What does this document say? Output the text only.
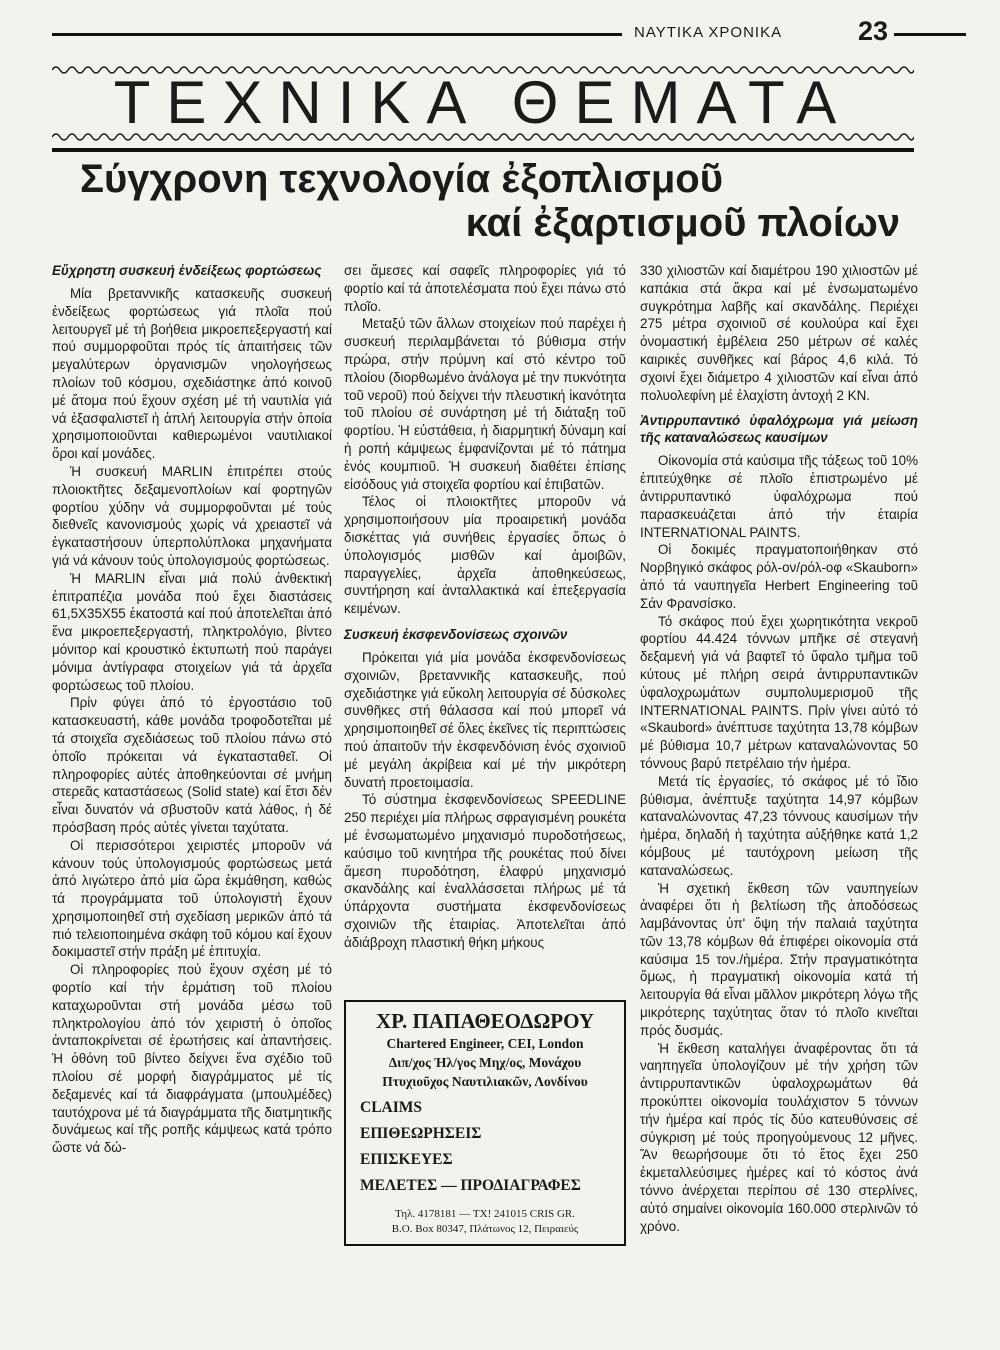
ΝΑΥΤΙΚΑ ΧΡΟΝΙΚΑ	23
ΤΕΧΝΙΚΑ ΘΕΜΑΤΑ
Σύγχρονη τεχνολογία ἐξοπλισμοῦ
καί ἐξαρτισμοῦ πλοίων

Εὔχρηστη συσκευή ἐνδείξεως φορτώσεως

Μία βρεταννικῆς κατασκευῆς συσκευή ἐνδείξεως φορτώσεως γιά πλοῖα πού λειτουργεῖ μέ τή βοήθεια μικροεπεξεργαστή καί πού συμμορφοῦται πρός τίς ἀπαιτήσεις τῶν μεγαλύτερων ὀργανισμῶν νηολογήσεως πλοίων τοῦ κόσμου, σχεδιάστηκε ἀπό κοινοῦ μέ ἄτομα πού ἔχουν σχέση μέ τή ναυτιλία γιά νά ἐξασφαλιστεῖ ἡ ἁπλή λειτουργία στήν ὁποία χρησιμοποιοῦνται καθιερωμένοι ναυτιλιακοί ὅροι καί μονάδες.

Ἡ συσκευή MARLIN ἐπιτρέπει στούς πλοιοκτῆτες δεξαμενοπλοίων καί φορτηγῶν φορτίου χύδην νά συμμορφοῦνται μέ τούς διεθνεῖς κανονισμούς χωρίς νά χρειαστεῖ νά ἐγκαταστήσουν ὑπερπολύπλοκα μηχανήματα γιά νά κάνουν τούς ὑπολογισμούς φορτώσεως.

Ἡ MARLIN εἶναι μιά πολύ ἀνθεκτική ἐπιτραπέζια μονάδα πού ἔχει διαστάσεις 61,5Χ35Χ55 ἑκατοστά καί πού ἀποτελεῖται ἀπό ἕνα μικροεπεξεργαστή, πληκτρολόγιο, βίντεο μόνιτορ καί κρουστικό ἐκτυπωτή πού παράγει μόνιμα ἀντίγραφα στοιχείων γιά τά ἀρχεῖα φορτώσεως τοῦ πλοίου.

Πρίν φύγει ἀπό τό ἐργοστάσιο τοῦ κατασκευαστή, κάθε μονάδα τροφοδοτεῖται μέ τά στοιχεῖα σχεδιάσεως τοῦ πλοίου πάνω στό ὁποῖο πρόκειται νά ἐγκατασταθεῖ. Οἱ πληροφορίες αὐτές ἀποθηκεύονται σέ μνήμη στερεᾶς καταστάσεως (Solid state) καί ἔτσι δέν εἶναι δυνατόν νά σβυστοῦν κατά λάθος, ἡ δέ πρόσβαση πρός αὐτές γίνεται ταχύτατα.

Οἱ περισσότεροι χειριστές μποροῦν νά κάνουν τούς ὑπολογισμούς φορτώσεως μετά ἀπό λιγώτερο ἀπό μία ὥρα ἐκμάθηση, καθώς τά προγράμματα τοῦ ὑπολογιστή ἔχουν χρησιμοποιηθεῖ στή σχεδίαση μερικῶν ἀπό τά πιό τελειοποιημένα σκάφη τοῦ κόμου καί ἔχουν δοκιμαστεῖ στήν πράξη μέ ἐπιτυχία.

Οἱ πληροφορίες πού ἔχουν σχέση μέ τό φορτίο καί τήν ἑρμάτιση τοῦ πλοίου καταχωροῦνται στή μονάδα μέσω τοῦ πληκτρολογίου ἀπό τόν χειριστή ὁ ὁποῖος ἀνταποκρίνεται σέ ἐρωτήσεις καί ἀπαντήσεις. Ἡ ὀθόνη τοῦ βίντεο δείχνει ἕνα σχέδιο τοῦ πλοίου σέ μορφή διαγράμματος μέ τίς δεξαμενές καί τά διαφράγματα (μπουλμέδες) ταυτόχρονα μέ τά διαγράμματα τῆς διατμητικῆς δυνάμεως καί τῆς ροπῆς κάμψεως κατά τρόπο ὥστε νά δώ-

σει ἄμεσες καί σαφεῖς πληροφορίες γιά τό φορτίο καί τά ἀποτελέσματα πού ἔχει πάνω στό πλοῖο.

Μεταξύ τῶν ἄλλων στοιχείων πού παρέχει ἡ συσκευή περιλαμβάνεται τό βύθισμα στήν πρώρα, στήν πρύμνη καί στό κέντρο τοῦ πλοίου (διορθωμένο ἀνάλογα μέ την πυκνότητα τοῦ νεροῦ) πού δείχνει τήν πλευστική ἱκανότητα τοῦ πλοίου σέ συνάρτηση μέ τή διάταξη τοῦ φορτίου. Ἡ εὐστάθεια, ἡ διαρμητική δύναμη καί ἡ ροπή κάμψεως ἐμφανίζονται μέ τό πάτημα ἑνός κουμπιοῦ. Ἡ συσκευή διαθέτει ἐπίσης εἰσόδους γιά στοιχεῖα φορτίου καί ἐπιβατῶν.

Τέλος οἱ πλοιοκτῆτες μποροῦν νά χρησιμοποιήσουν μία προαιρετική μονάδα δισκέττας γιά συνήθεις ἐργασίες ὅπως ὁ ὑπολογισμός μισθῶν καί ἀμοιβῶν, παραγγελίες, ἀρχεῖα ἀποθηκεύσεως, συντήρηση καί ἀνταλλακτικά καί ἐπεξεργασία κειμένων.

Συσκευή ἐκσφενδονίσεως σχοινῶν

Πρόκειται γιά μία μονάδα ἐκσφενδονίσεως σχοινιῶν, βρεταννικῆς κατασκευῆς, πού σχεδιάστηκε γιά εὔκολη λειτουργία σέ δύσκολες συνθῆκες στή θάλασσα καί πού μπορεῖ νά χρησιμοποιηθεῖ σέ ὅλες ἐκεῖνες τίς περιπτώσεις πού ἀπαιτοῦν τήν ἐκσφενδόνιση ἑνός σχοινιοῦ μέ μεγάλη ἀκρίβεια καί μέ τήν μικρότερη δυνατή προετοιμασία.

Τό σύστημα ἐκσφενδονίσεως SPEEDLINE 250 περιέχει μία πλήρως σφραγισμένη ρουκέτα μέ ἐνσωματωμένο μηχανισμό πυροδοτήσεως, καύσιμο τοῦ κινητήρα τῆς ρουκέτας πού δίνει ἄμεση πυροδότηση, ἐλαφρύ μηχανισμό σκανδάλης καί ἐναλλάσσεται πλήρως μέ τά ὑπάρχοντα συστήματα ἐκσφενδονίσεως σχοινιῶν τῆς ἑταιρίας. Ἀποτελεῖται ἀπό ἀδιάβροχη πλαστική θήκη μήκους

ΧΡ. ΠΑΠΑΘΕΟΔΩΡΟΥ
Chartered Engineer, CEI, London
Διπ/χος Ἠλ/γος Μηχ/ος, Μονάχου
Πτυχιοῦχος Ναυτιλιακῶν, Λονδίνου
CLAIMS
ΕΠΙΘΕΩΡΗΣΕΙΣ
ΕΠΙΣΚΕΥΕΣ
ΜΕΛΕΤΕΣ — ΠΡΟΔΙΑΓΡΑΦΕΣ
Τηλ. 4178181 — TX! 241015 CRIS GR.
B.O. Box 80347, Πλάτωνος 12, Πειραιεύς

330 χιλιοστῶν καί διαμέτρου 190 χιλιοστῶν μέ καπάκια στά ἄκρα καί μέ ἐνσωματωμένο συγκρότημα λαβῆς καί σκανδάλης. Περιέχει 275 μέτρα σχοινιοῦ σέ κουλούρα καί ἔχει ὀνομαστική ἐμβέλεια 250 μέτρων σέ καλές καιρικές συνθῆκες καί βάρος 4,6 κιλά. Τό σχοινί ἔχει διάμετρο 4 χιλιοστῶν καί εἶναι ἀπό πολυολεφίνη μέ ἐλαχίστη ἀντοχή 2 ΚΝ.

Ἀντιρρυπαντικό ὑφαλόχρωμα γιά μείωση τῆς καταναλώσεως καυσίμων

Οἰκονομία στά καύσιμα τῆς τάξεως τοῦ 10% ἐπιτεύχθηκε σέ πλοῖο ἐπιστρωμένο μέ ἀντιρρυπαντικό ὑφαλόχρωμα πού παρασκευάζεται ἀπό τήν ἑταιρία INTERNATIONAL PAINTS.

Οἱ δοκιμές πραγματοποιήθηκαν στό Νορβηγικό σκάφος ρόλ-ον/ρόλ-οφ «Skauborn» ἀπό τά ναυπηγεῖα Herbert Engineering τοῦ Σάν Φρανσίσκο.

Τό σκάφος πού ἔχει χωρητικότητα νεκροῦ φορτίου 44.424 τόννων μπῆκε σέ στεγανή δεξαμενή γιά νά βαφτεῖ τό ὕφαλο τμῆμα τοῦ κύτους μέ πλήρη σειρά ἀντιρρυπαντικῶν ὑφαλοχρωμάτων συμπολυμερισμοῦ τῆς INTERNATIONAL PAINTS. Πρίν γίνει αὐτό τό «Skaubord» ἀνέπτυσε ταχύτητα 13,78 κόμβων μέ βύθισμα 10,7 μέτρων καταναλώνοντας 50 τόννους βαρύ πετρέλαιο τήν ἡμέρα.

Μετά τίς ἐργασίες, τό σκάφος μέ τό ἴδιο βύθισμα, ἀνέπτυξε ταχύτητα 14,97 κόμβων καταναλώνοντας 47,23 τόννους καυσίμων τήν ἡμέρα, δηλαδή ἡ ταχύτητα αὐξήθηκε κατά 1,2 κόμβους μέ ταυτόχρονη μείωση τῆς καταναλώσεως.

Ἡ σχετική ἔκθεση τῶν ναυπηγείων ἀναφέρει ὅτι ἡ βελτίωση τῆς ἀποδόσεως λαμβάνοντας ὑπ' ὄψη τήν παλαιά ταχύτητα τῶν 13,78 κόμβων θά ἐπιφέρει οἰκονομία στά καύσιμα 15 τον./ἡμέρα. Στήν πραγματικότητα ὅμως, ἡ πραγματική οἰκονομία κατά τή λειτουργία θά εἶναι μᾶλλον μικρότερη λόγω τῆς μικρότερης ταχύτητας ὅταν τό πλοῖο κινεῖται πρός δυσμάς.

Ἡ ἔκθεση καταλήγει ἀναφέροντας ὅτι τά ναηπηγεῖα ὑπολογίζουν μέ τήν χρήση τῶν ἀντιρρυπαντικῶν ὑφαλοχρωμάτων θά προκύπτει οἰκονομία τουλάχιστον 5 τόννων τήν ἡμέρα καί πρός τίς δύο κατευθύνσεις σέ σύγκριση μέ τούς προηγούμενους 12 μῆνες. Ἄν θεωρήσουμε ὅτι τό ἔτος ἔχει 250 ἐκμεταλλεύσιμες ἡμέρες καί τό κόστος ἀνά τόννο ἀνέρχεται περίπου σέ 130 στερλίνες, αὐτό σημαίνει οἰκονομία 160.000 στερλινῶν τό χρόνο.
